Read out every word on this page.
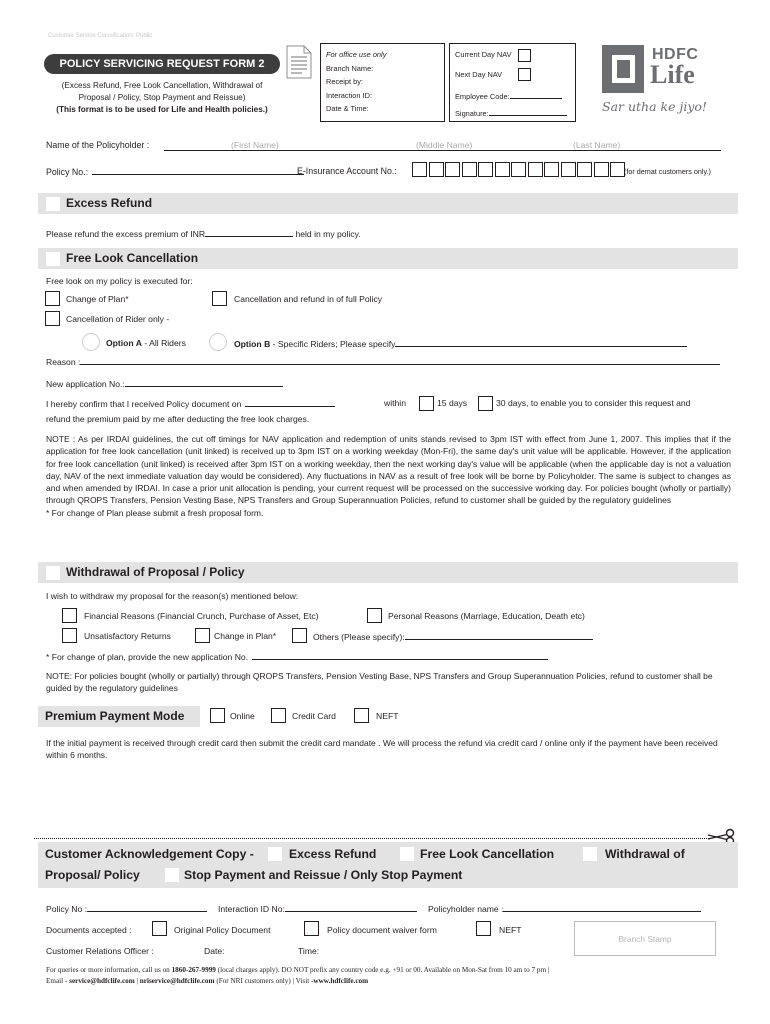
Customer Service Classification: Public
POLICY SERVICING REQUEST FORM 2
(Excess Refund, Free Look Cancellation, Withdrawal of
Proposal / Policy, Stop Payment and Reissue)
(This format is to be used for Life and Health policies.)
For office use only
Branch Name:
Receipt by:
Interaction ID:
Date & Time:
Current Day NAV
Next Day NAV
Employee Code:
Signature:
HDFC
Life
Sar utha ke jiyo!
Name of the Policyholder :	(First Name)	(Middle Name)	(Last Name)
Policy No.:	E-Insurance Account No.:	(for demat customers only.)
Excess Refund
Please refund the excess premium of INR	held in my policy.
Free Look Cancellation
Free look on my policy is executed for:
Change of Plan*	Cancellation and refund in of full Policy
Cancellation of Rider only -
Option A - All Riders	Option B - Specific Riders; Please specify
Reason :
New application No.:
I hereby confirm that I received Policy document on	within	15 days	30 days, to enable you to consider this request and
refund the premium paid by me after deducting the free look charges.

NOTE : As per IRDAI guidelines, the cut off timings for NAV application and redemption of units stands revised to 3pm IST with effect from June 1, 2007. This implies that if the application for free look cancellation (unit linked) is received up to 3pm IST on a working weekday (Mon-Fri), the same day's unit value will be applicable. However, if the application for free look cancellation (unit linked) is received after 3pm IST on a working weekday, then the next working day's value will be applicable (when the applicable day is not a valuation day, NAV of the next immediate valuation day would be considered). Any fluctuations in NAV as a result of free look will be borne by Policyholder. The same is subject to changes as and when amended by IRDAI. In case a prior unit allocation is pending, your current request will be processed on the successive working day. For policies bought (wholly or partially) through QROPS Transfers, Pension Vesting Base, NPS Transfers and Group Superannuation Policies, refund to customer shall be guided by the regulatory guidelines

* For change of Plan please submit a fresh proposal form.

Withdrawal of Proposal / Policy
I wish to withdraw my proposal for the reason(s) mentioned below:
Financial Reasons (Financial Crunch, Purchase of Asset, Etc)	Personal Reasons (Marriage, Education, Death etc)
Unsatisfactory Returns	Change in Plan*	Others (Please specify):
* For change of plan, provide the new application No.
NOTE: For policies bought (wholly or partially) through QROPS Transfers, Pension Vesting Base, NPS Transfers and Group Superannuation Policies, refund to customer shall be guided by the regulatory guidelines
Premium Payment Mode	Online	Credit Card	NEFT
If the initial payment is received through credit card then submit the credit card mandate . We will process the refund via credit card / online only if the payment have been received within 6 months.
Customer Acknowledgement Copy -	Excess Refund	Free Look Cancellation	Withdrawal of
Proposal/ Policy	Stop Payment and Reissue / Only Stop Payment
Policy No :	Interaction ID No:	Policyholder name :
Documents accepted :	Original Policy Document	Policy document waiver form	NEFT
Customer Relations Officer :	Date:	Time:
Branch Stamp
For queries or more information, call us on 1860-267-9999 (local charges apply). DO NOT prefix any country code e.g. +91 or 00. Available on Mon-Sat from 10 am to 7 pm |
Email - service@hdfclife.com | nriservice@hdfclife.com (For NRI customers only) | Visit -www.hdfclife.com
